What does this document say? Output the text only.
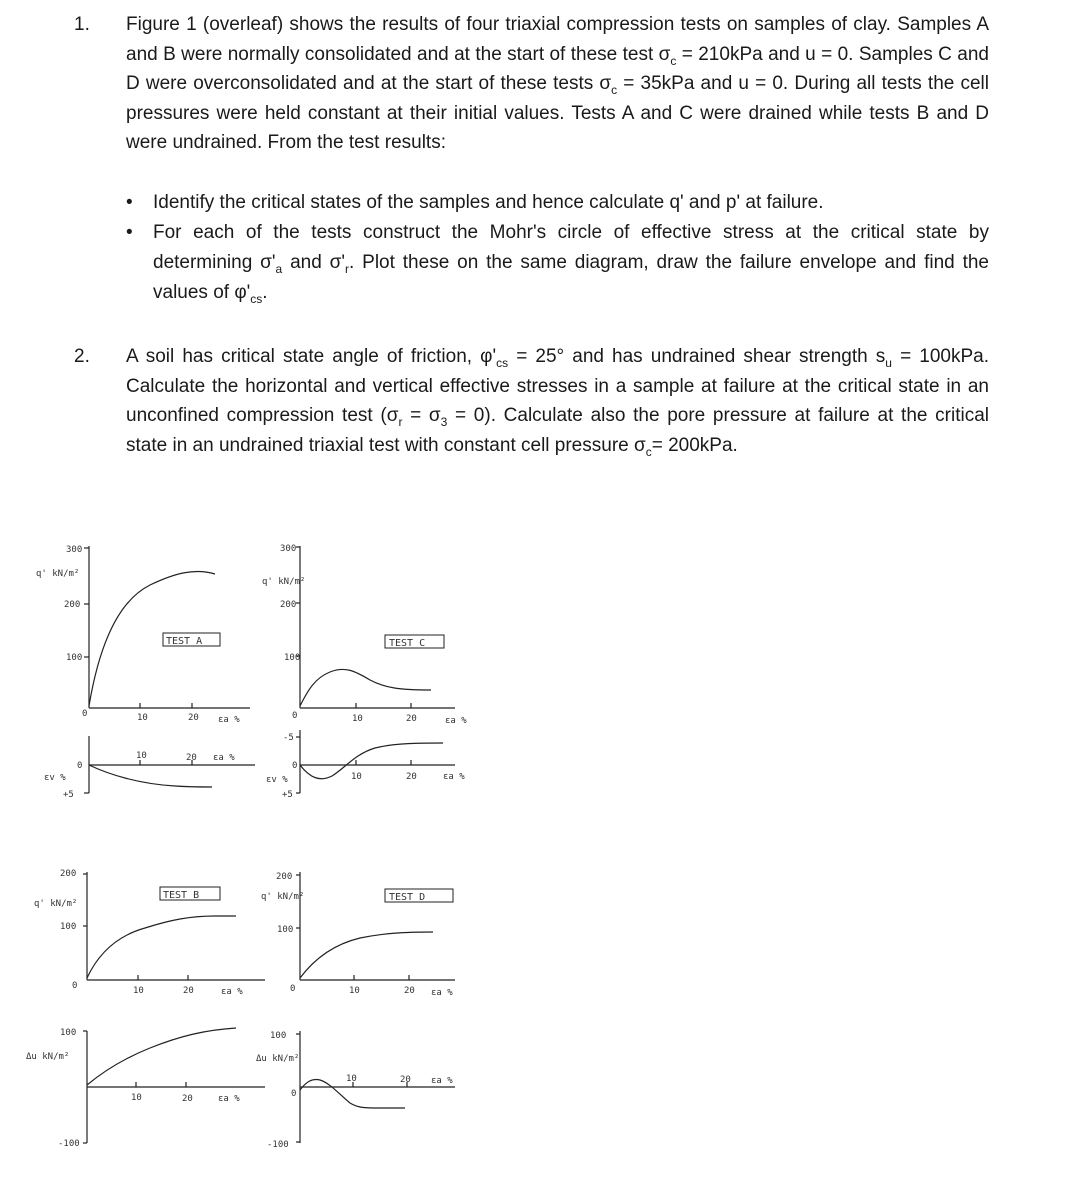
1. Figure 1 (overleaf) shows the results of four triaxial compression tests on samples of clay. Samples A and B were normally consolidated and at the start of these test $\sigma_c = 210kPa$ and u = 0. Samples C and D were overconsolidated and at the start of these tests $\sigma_c = 35kPa$ and u = 0. During all tests the cell pressures were held constant at their initial values. Tests A and C were drained while tests B and D were undrained. From the test results:
• Identify the critical states of the samples and hence calculate q' and p' at failure.
• For each of the tests construct the Mohr's circle of effective stress at the critical state by determining $\sigma'_a$ and $\sigma'_r$. Plot these on the same diagram, draw the failure envelope and find the values of $\varphi'_{cs}$.
2. A soil has critical state angle of friction, $\varphi'_{cs} = 25^\circ$ and has undrained shear strength $s_u = 100kPa$. Calculate the horizontal and vertical effective stresses in a sample at failure at the critical state in an unconfined compression test $(\sigma_r = \sigma_3 = 0)$. Calculate also the pore pressure at failure at the critical state in an undrained triaxial test with constant cell pressure $\sigma_c= 200kPa$.
300
q' kN/m²
200
100
0	10	20 εa %
TEST A
10	20 εa %
0
εv %
+5
300
q' kN/m²
200
100
0	10	20	εa %
TEST C
-5
0
εv %
+5
10	20	εa %
200
q' kN/m²
100
0	10	20	εa %
TEST B
100
Δu kN/m²
-100
10	20	εa %
200
q' kN/m²
100
0	10	20 εa %
TEST D
100
Δu kN/m²
0
-100
10	20 εa %
